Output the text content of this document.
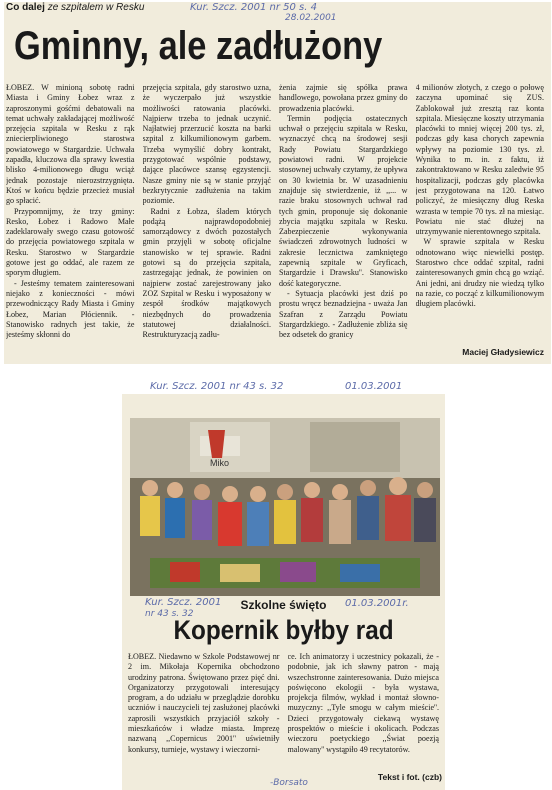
Co dalej ze szpitalem w Resku	Kur. Szcz. 2001 nr 50 s. 4
28.02.2001
Gminny, ale zadłużony

ŁOBEZ. W minioną sobotę radni Miasta i Gminy Łobez wraz z zaproszonymi gośćmi debatowali na temat uchwały zakładającej możliwość przejęcia szpitala w Resku z rąk zniecierpliwionego starostwa powiatowego w Stargardzie. Uchwała zapadła, kluczowa dla sprawy kwestia blisko 4-milionowego długu wciąż jednak pozostaje nierozstrzygnięta. Ktoś w końcu będzie przecież musiał go spłacić.

Przypomnijmy, że trzy gminy: Resko, Łobez i Radowo Małe zadeklarowały swego czasu gotowość do przejęcia powiatowego szpitala w Resku. Starostwo w Stargardzie gotowe jest go oddać, ale razem ze sporym długiem.

- Jesteśmy tematem zainteresowani niejako z konieczności - mówi przewodniczący Rady Miasta i Gminy Łobez, Marian Płóciennik. - Stanowisko radnych jest takie, że jesteśmy skłonni do

przejęcia szpitala, gdy starostwo uzna, że wyczerpało już wszystkie możliwości ratowania placówki. Najpierw trzeba to jednak uczynić. Najłatwiej przerzucić koszta na barki szpital z kilkumilionowym garbem. Trzeba wymyślić dobry kontrakt, przygotować wspólnie podstawy, dające placówce szansę egzystencji. Nasze gminy nie są w stanie przyjąć bezkrytycznie zadłużenia na takim poziomie.

Radni z Łobza, śladem których podążą najprawdopodobniej samorządowcy z dwóch pozostałych gmin przyjęli w sobotę oficjalne stanowisko w tej sprawie. Radni gotowi są do przejęcia szpitala, zastrzegając jednak, że powinien on najpierw zostać zarejestrowany jako ZOZ Szpital w Resku i wyposażony w zespół środków majątkowych niezbędnych do prowadzenia statutowej działalności. Restrukturyzacją zadłu-

żenia zajmie się spółka prawa handlowego, powołana przez gminy do prowadzenia placówki.

Termin podjęcia ostatecznych uchwał o przejęciu szpitala w Resku, wyznaczyć chcą na środowej sesji Rady Powiatu Stargardzkiego powiatowi radni. W projekcie stosownej uchwały czytamy, że upływa on 30 kwietnia br. W uzasadnieniu znajduje się stwierdzenie, iż ,,... w razie braku stosownych uchwał rad tych gmin, proponuje się dokonanie zbycia majątku szpitala w Resku. Zabezpieczenie wykonywania świadczeń zdrowotnych ludności w zakresie lecznictwa zamkniętego zapewnią szpitale w Gryficach, Stargardzie i Drawsku''. Stanowisko dość kategoryczne.

- Sytuacja placówki jest dziś po prostu wręcz beznadziejna - uważa Jan Szafran z Zarządu Powiatu Stargardzkiego. - Zadłużenie zbliża się bez odsetek do granicy

4 milionów złotych, z czego o połowę zaczyna upominać się ZUS. Zablokował już zresztą raz konta szpitala. Miesięczne koszty utrzymania placówki to mniej więcej 200 tys. zł, podczas gdy kasa chorych zapewnia wpływy na poziomie 130 tys. zł. Wynika to m. in. z faktu, iż zakontraktowano w Resku zaledwie 95 hospitalizacji, podczas gdy placówka jest przygotowana na 120. Łatwo policzyć, że miesięczny dług Reska wzrasta w tempie 70 tys. zł na miesiąc. Powiatu nie stać dłużej na utrzymywanie nierentownego szpitala.

W sprawie szpitala w Resku odnotowano więc niewielki postęp. Starostwo chce oddać szpital, radni zainteresowanych gmin chcą go wziąć. Ani jedni, ani drudzy nie wiedzą tylko na razie, co począć z kilkumilionowym długiem placówki.

Maciej Gładysiewicz
Kur. Szcz. 2001 nr 43 s. 32	01.03.2001
Miko
Kur. Szcz. 2001
nr 43 s. 32
01.03.2001r.
Szkolne święto
Kopernik byłby rad

ŁOBEZ. Niedawno w Szkole Podstawowej nr 2 im. Mikołaja Kopernika obchodzono urodziny patrona. Świętowano przez pięć dni. Organizatorzy przygotowali interesujący program, a do udziału w przeglądzie dorobku uczniów i nauczycieli tej zasłużonej placówki zaprosili wszystkich przyjaciół szkoły - mieszkańców i władze miasta. Imprezę nazwaną ,,Copernicus 2001'' uświetniły konkursy, turnieje, wystawy i wieczorni-

ce. Ich animatorzy i uczestnicy pokazali, że - podobnie, jak ich sławny patron - mają wszechstronne zainteresowania. Dużo miejsca poświęcono ekologii - była wystawa, projekcja filmów, wykład i montaż słowno-muzyczny: ,,Tyle smogu w całym mieście''. Dzieci przygotowały ciekawą wystawę prospektów o mieście i okolicach. Podczas wieczoru poetyckiego ,,Świat poezją malowany'' wystąpiło 49 recytatorów.

Tekst i fot. (czb)
-Borsato
